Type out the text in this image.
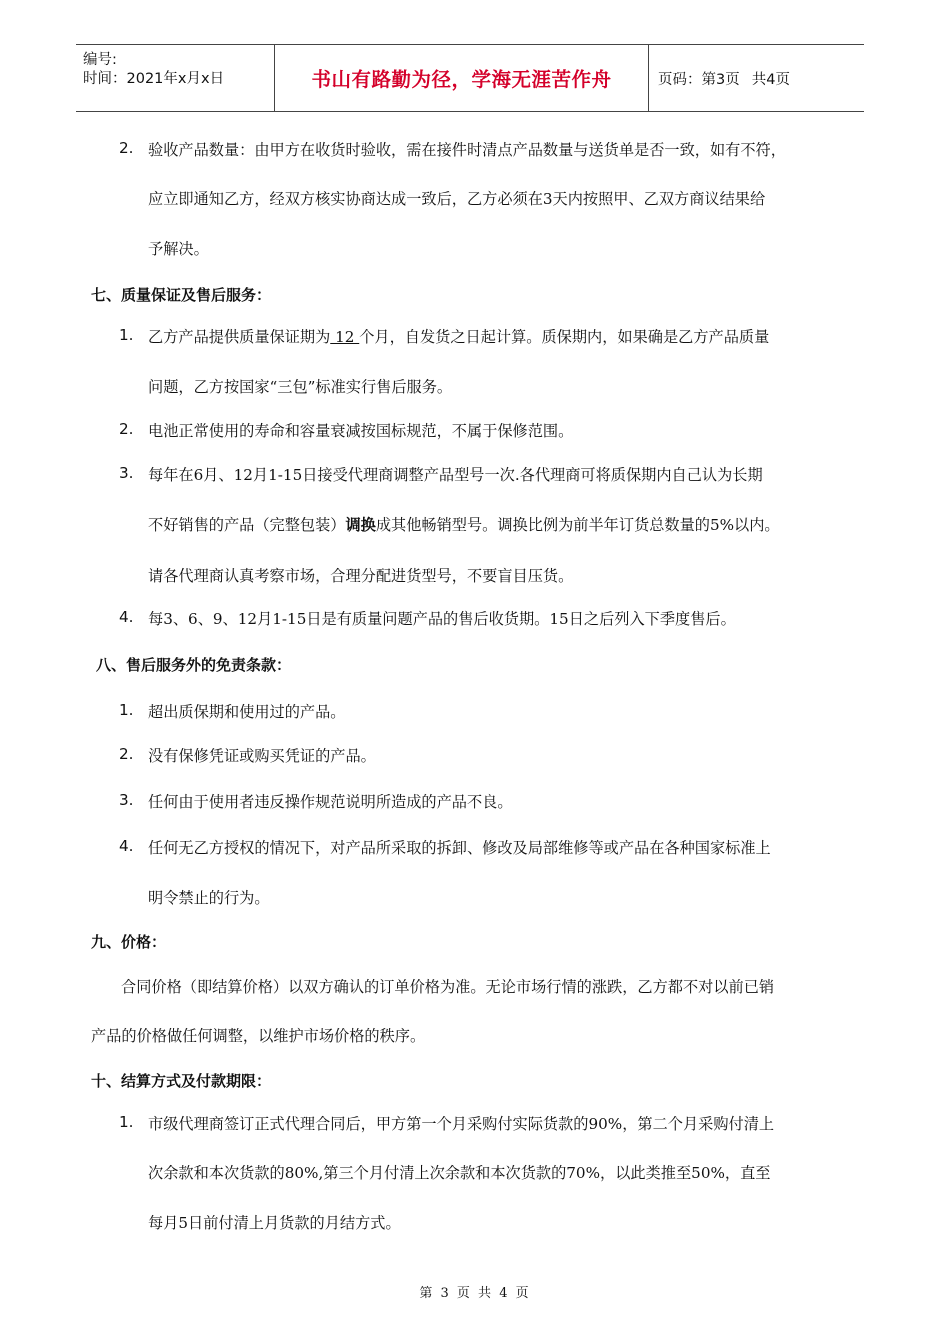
编号:
时间：2021年x月x日	书山有路勤为径，学海无涯苦作舟	页码：第3页 共4页
2. 验收产品数量：由甲方在收货时验收，需在接件时清点产品数量与送货单是否一致，如有不符，
应立即通知乙方，经双方核实协商达成一致后，乙方必须在3天内按照甲、乙双方商议结果给
予解决。
七、质量保证及售后服务：
1. 乙方产品提供质量保证期为 12 个月，自发货之日起计算。质保期内，如果确是乙方产品质量
问题，乙方按国家“三包”标准实行售后服务。
2. 电池正常使用的寿命和容量衰减按国标规范，不属于保修范围。
3. 每年在6月、12月1-15日接受代理商调整产品型号一次.各代理商可将质保期内自己认为长期
不好销售的产品（完整包装）调换成其他畅销型号。调换比例为前半年订货总数量的5%以内。
请各代理商认真考察市场，合理分配进货型号，不要盲目压货。
4. 每3、6、9、12月1-15日是有质量问题产品的售后收货期。15日之后列入下季度售后。
八、售后服务外的免责条款：
1. 超出质保期和使用过的产品。
2. 没有保修凭证或购买凭证的产品。
3. 任何由于使用者违反操作规范说明所造成的产品不良。
4. 任何无乙方授权的情况下，对产品所采取的拆卸、修改及局部维修等或产品在各种国家标准上
明令禁止的行为。
九、价格：
合同价格（即结算价格）以双方确认的订单价格为准。无论市场行情的涨跌，乙方都不对以前已销
产品的价格做任何调整，以维护市场价格的秩序。
十、结算方式及付款期限：
1. 市级代理商签订正式代理合同后，甲方第一个月采购付实际货款的90%，第二个月采购付清上
次余款和本次货款的80%,第三个月付清上次余款和本次货款的70%，以此类推至50%，直至
每月5日前付清上月货款的月结方式。
第 3 页 共 4 页
